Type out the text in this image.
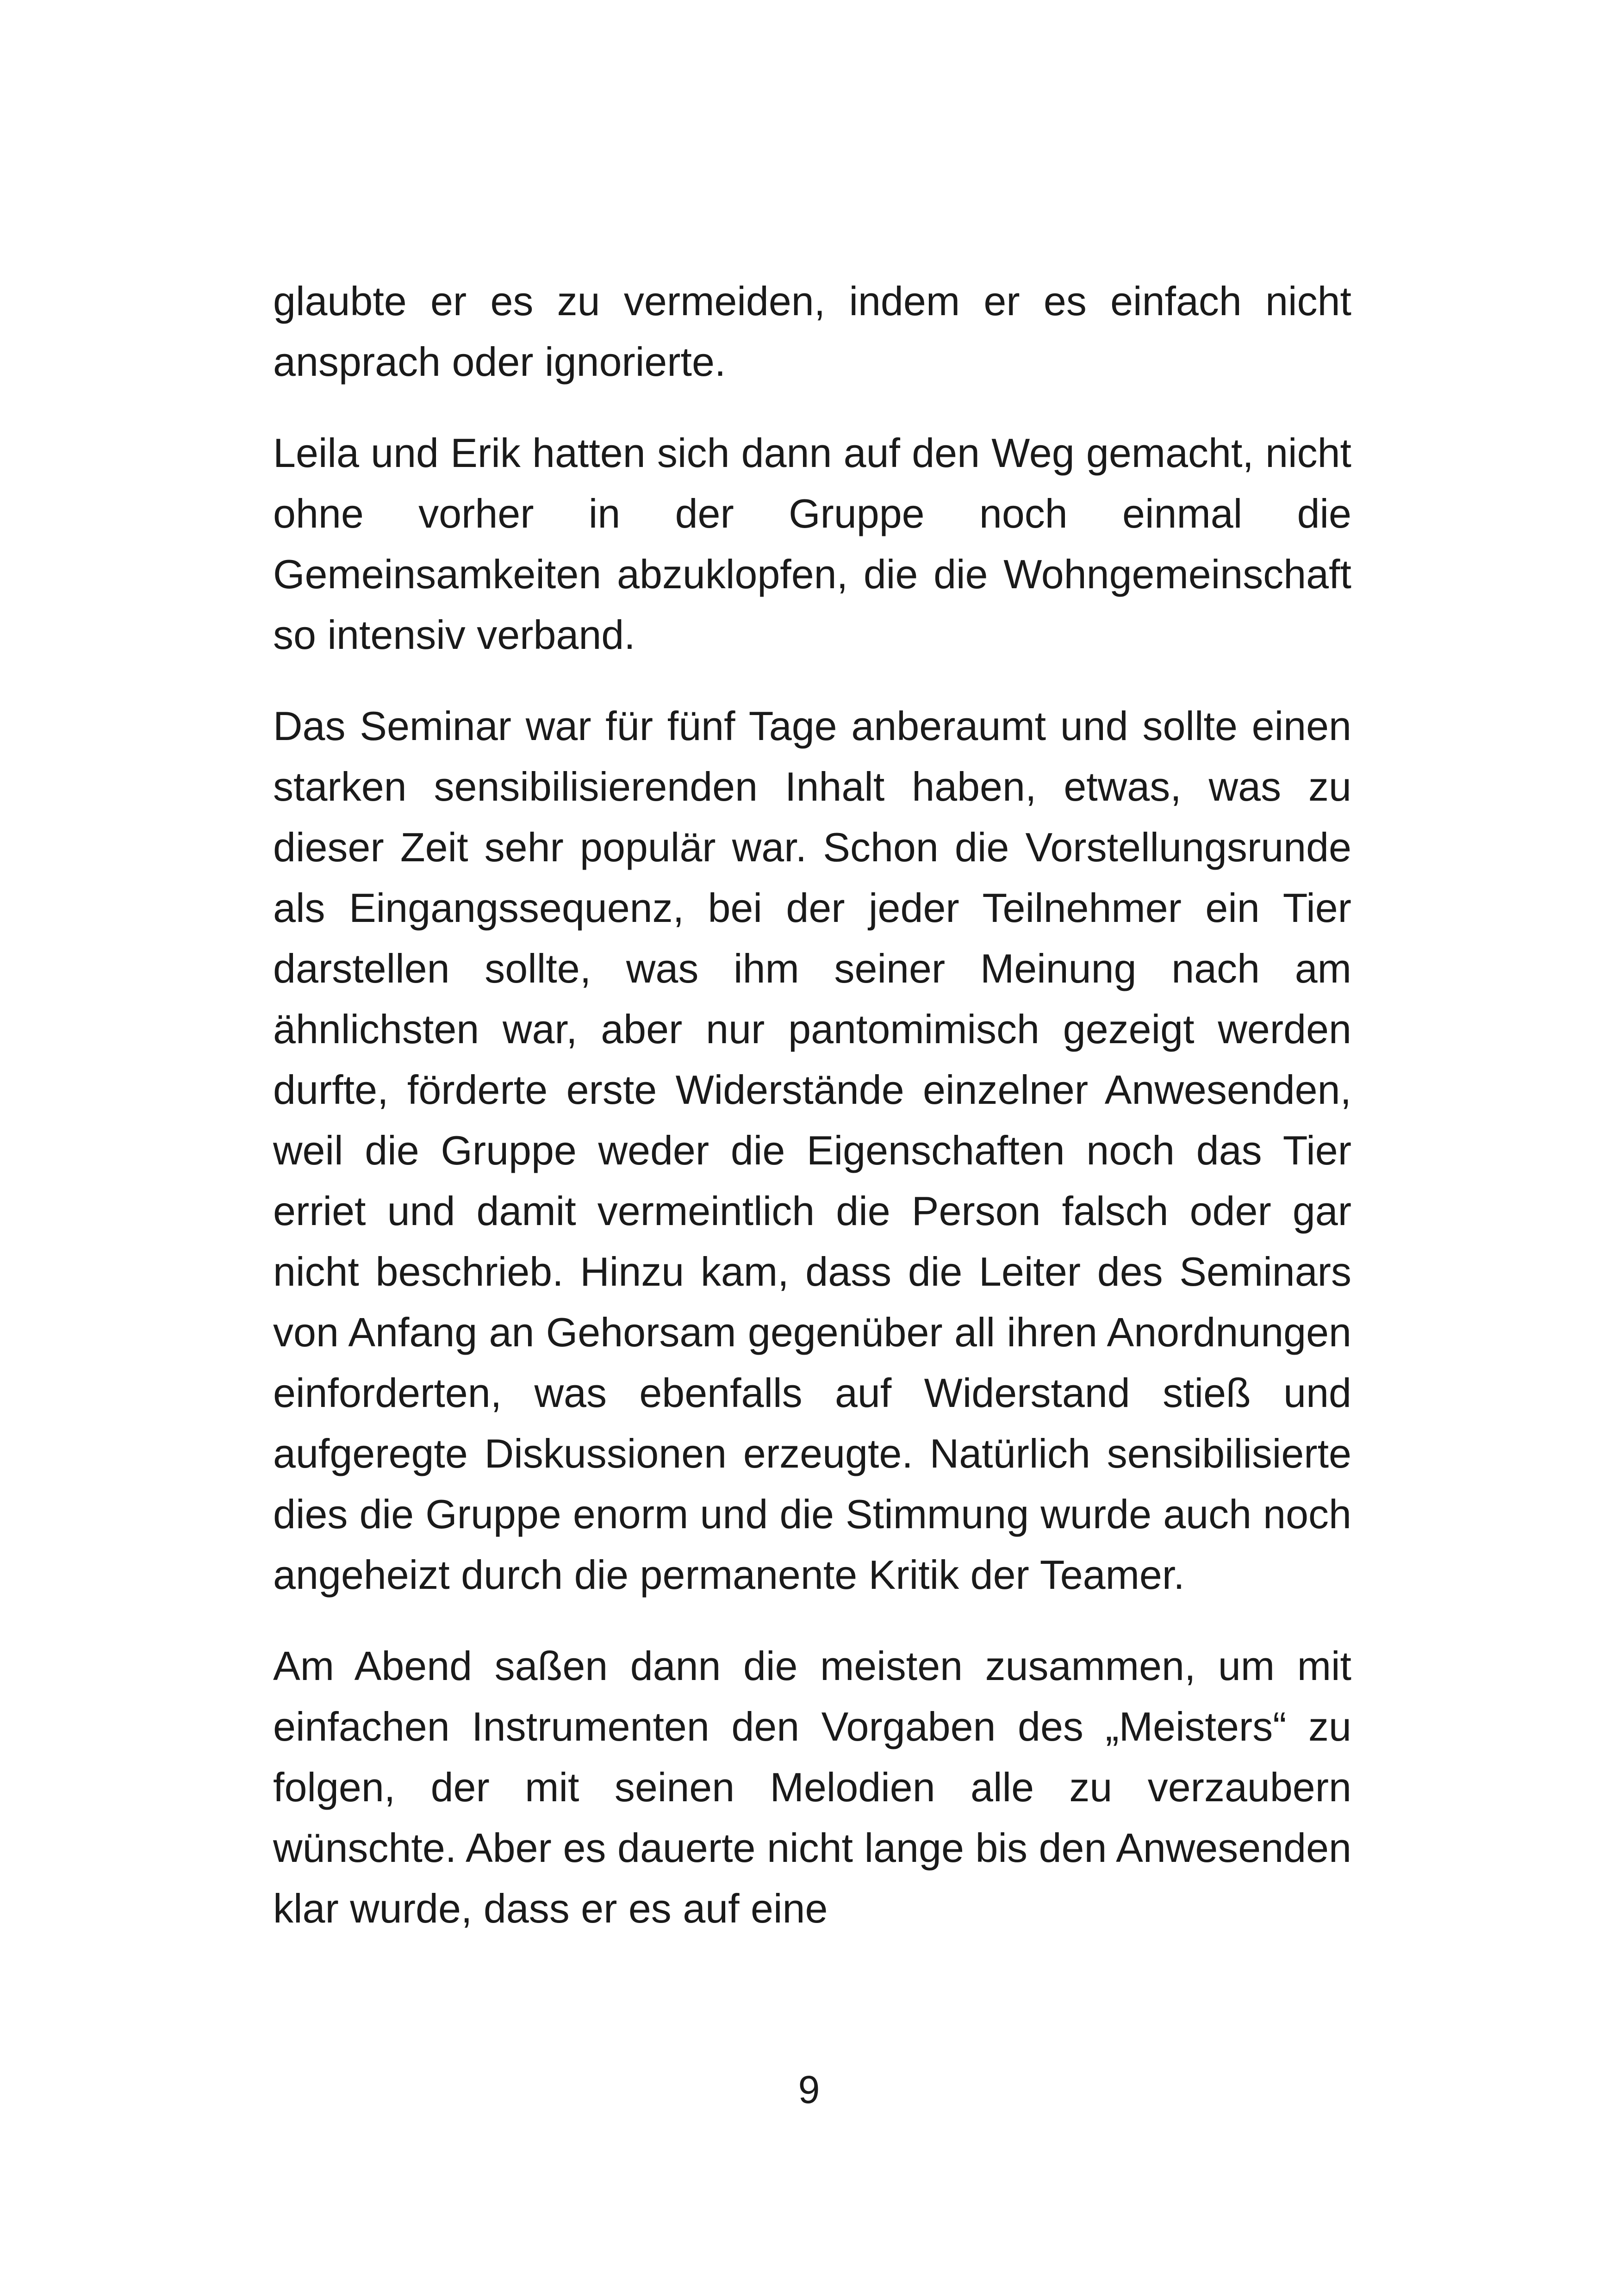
glaubte er es zu vermeiden, indem er es einfach nicht ansprach oder ignorierte.

Leila und Erik hatten sich dann auf den Weg gemacht, nicht ohne vorher in der Gruppe noch einmal die Gemeinsamkeiten abzuklopfen, die die Wohngemeinschaft so intensiv verband.

Das Seminar war für fünf Tage anberaumt und sollte einen starken sensibilisierenden Inhalt haben, etwas, was zu dieser Zeit sehr populär war. Schon die Vorstellungsrunde als Eingangssequenz, bei der jeder Teilnehmer ein Tier darstellen sollte, was ihm seiner Meinung nach am ähnlichsten war, aber nur pantomimisch gezeigt werden durfte, förderte erste Widerstände einzelner Anwesenden, weil die Gruppe weder die Eigenschaften noch das Tier erriet und damit vermeintlich die Person falsch oder gar nicht beschrieb. Hinzu kam, dass die Leiter des Seminars von Anfang an Gehorsam gegenüber all ihren Anordnungen einforderten, was ebenfalls auf Widerstand stieß und aufgeregte Diskussionen erzeugte. Natürlich sensibilisierte dies die Gruppe enorm und die Stimmung wurde auch noch angeheizt durch die permanente Kritik der Teamer.

Am Abend saßen dann die meisten zusammen, um mit einfachen Instrumenten den Vorgaben des „Meisters“ zu folgen, der mit seinen Melodien alle zu verzaubern wünschte. Aber es dauerte nicht lange bis den Anwesenden klar wurde, dass er es auf eine

9
